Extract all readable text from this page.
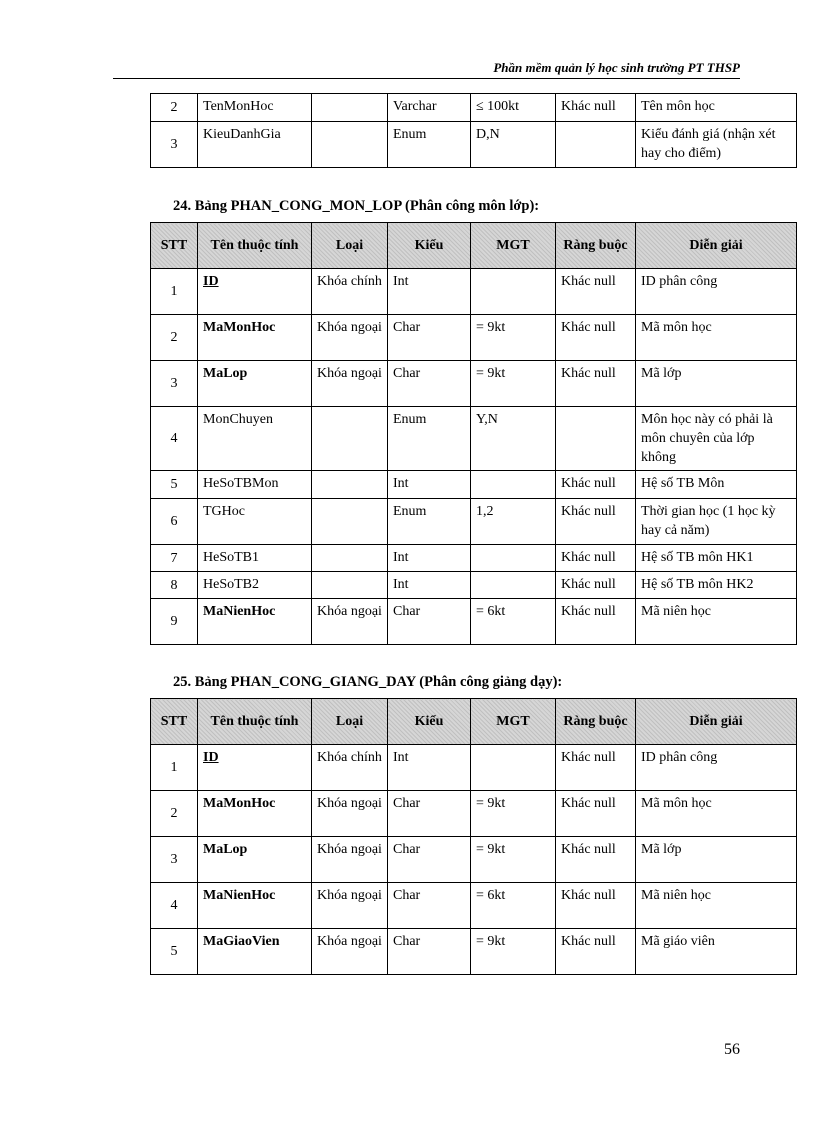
Phần mềm quản lý học sinh trường PT THSP
2	TenMonHoc		Varchar	≤ 100kt	Khác null	Tên môn học
3	KieuDanhGia		Enum	D,N		Kiểu đánh giá (nhận xét hay cho điểm)
24. Bảng PHAN_CONG_MON_LOP (Phân công môn lớp):
STT	Tên thuộc tính	Loại	Kiểu	MGT	Ràng buộc	Diễn giải
1	ID	Khóa chính	Int		Khác null	ID phân công
2	MaMonHoc	Khóa ngoại	Char	= 9kt	Khác null	Mã môn học
3	MaLop	Khóa ngoại	Char	= 9kt	Khác null	Mã lớp
4	MonChuyen		Enum	Y,N		Môn học này có phải là môn chuyên của lớp không
5	HeSoTBMon		Int		Khác null	Hệ số TB Môn
6	TGHoc		Enum	1,2	Khác null	Thời gian học (1 học kỳ hay cả năm)
7	HeSoTB1		Int		Khác null	Hệ số TB môn HK1
8	HeSoTB2		Int		Khác null	Hệ số TB môn HK2
9	MaNienHoc	Khóa ngoại	Char	= 6kt	Khác null	Mã niên học
25. Bảng PHAN_CONG_GIANG_DAY (Phân công giảng dạy):
STT	Tên thuộc tính	Loại	Kiểu	MGT	Ràng buộc	Diễn giải
1	ID	Khóa chính	Int		Khác null	ID phân công
2	MaMonHoc	Khóa ngoại	Char	= 9kt	Khác null	Mã môn học
3	MaLop	Khóa ngoại	Char	= 9kt	Khác null	Mã lớp
4	MaNienHoc	Khóa ngoại	Char	= 6kt	Khác null	Mã niên học
5	MaGiaoVien	Khóa ngoại	Char	= 9kt	Khác null	Mã giáo viên
56
